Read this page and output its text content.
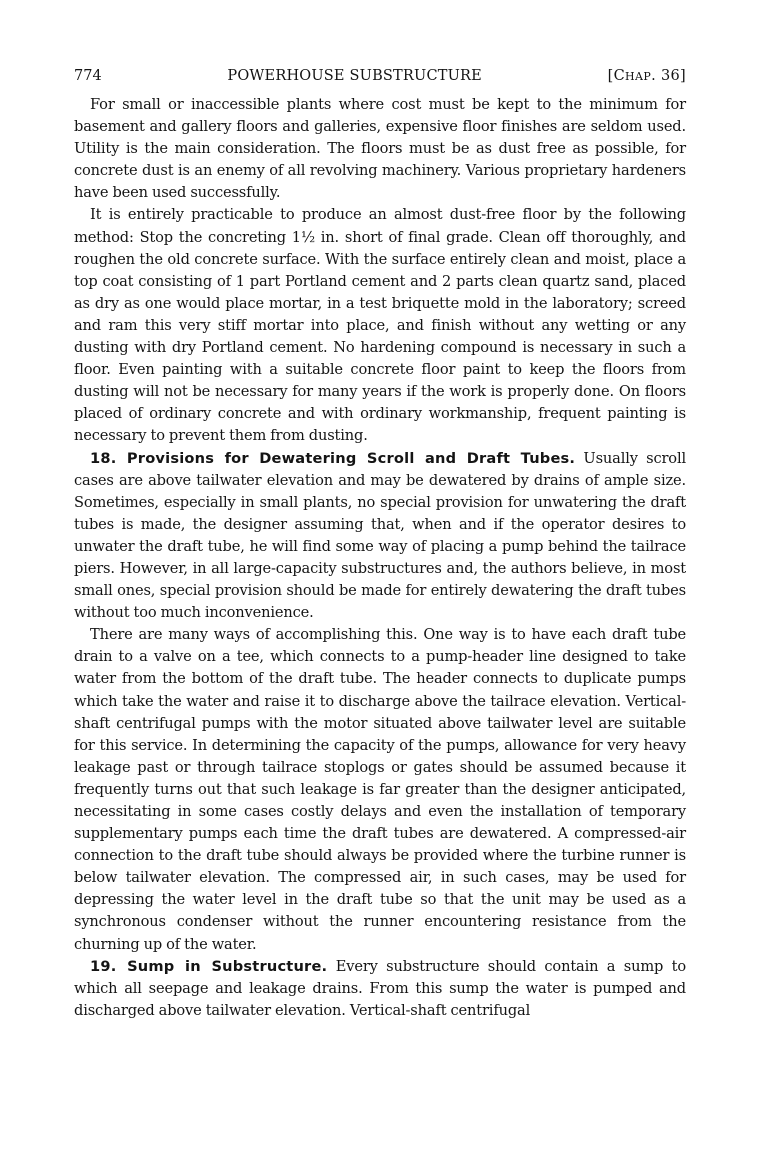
774	POWERHOUSE SUBSTRUCTURE	[CHAP. 36]

For small or inaccessible plants where cost must be kept to the minimum for basement and gallery floors and galleries, expensive floor finishes are seldom used. Utility is the main consideration. The floors must be as dust free as possible, for concrete dust is an enemy of all revolving machinery. Various proprietary hardeners have been used successfully.

It is entirely practicable to produce an almost dust-free floor by the following method: Stop the concreting 1½ in. short of final grade. Clean off thoroughly, and roughen the old concrete surface. With the surface entirely clean and moist, place a top coat consisting of 1 part Portland cement and 2 parts clean quartz sand, placed as dry as one would place mortar, in a test briquette mold in the laboratory; screed and ram this very stiff mortar into place, and finish without any wetting or any dusting with dry Portland cement. No hardening compound is necessary in such a floor. Even painting with a suitable concrete floor paint to keep the floors from dusting will not be necessary for many years if the work is properly done. On floors placed of ordinary concrete and with ordinary workmanship, frequent painting is necessary to prevent them from dusting.

18. Provisions for Dewatering Scroll and Draft Tubes. Usually scroll cases are above tailwater elevation and may be dewatered by drains of ample size. Sometimes, especially in small plants, no special provision for unwatering the draft tubes is made, the designer assuming that, when and if the operator desires to unwater the draft tube, he will find some way of placing a pump behind the tailrace piers. However, in all large-capacity substructures and, the authors believe, in most small ones, special provision should be made for entirely dewatering the draft tubes without too much inconvenience.

There are many ways of accomplishing this. One way is to have each draft tube drain to a valve on a tee, which connects to a pump-header line designed to take water from the bottom of the draft tube. The header connects to duplicate pumps which take the water and raise it to discharge above the tailrace elevation. Vertical-shaft centrifugal pumps with the motor situated above tailwater level are suitable for this service. In determining the capacity of the pumps, allowance for very heavy leakage past or through tailrace stoplogs or gates should be assumed because it frequently turns out that such leakage is far greater than the designer anticipated, necessitating in some cases costly delays and even the installation of temporary supplementary pumps each time the draft tubes are dewatered. A compressed-air connection to the draft tube should always be provided where the turbine runner is below tailwater elevation. The compressed air, in such cases, may be used for depressing the water level in the draft tube so that the unit may be used as a synchronous condenser without the runner encountering resistance from the churning up of the water.

19. Sump in Substructure. Every substructure should contain a sump to which all seepage and leakage drains. From this sump the water is pumped and discharged above tailwater elevation. Vertical-shaft centrifugal
